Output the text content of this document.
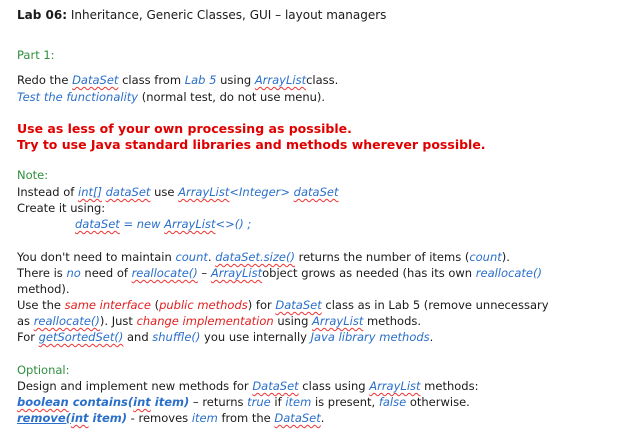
Lab 06: Inheritance, Generic Classes, GUI – layout managers
Part 1:
Redo the DataSet class from Lab 5 using ArrayListclass.
Test the functionality (normal test, do not use menu).
Use as less of your own processing as possible.
Try to use Java standard libraries and methods wherever possible.
Note:
Instead of int[] dataSet use ArrayList<Integer> dataSet
Create it using:
dataSet = new ArrayList<>() ;
You don't need to maintain count. dataSet.size() returns the number of items (count).
There is no need of reallocate() – ArrayListobject grows as needed (has its own reallocate()
method).
Use the same interface (public methods) for DataSet class as in Lab 5 (remove unnecessary
as reallocate()). Just change implementation using ArrayList methods.
For getSortedSet() and shuffle() you use internally Java library methods.
Optional:
Design and implement new methods for DataSet class using ArrayList methods:
boolean contains(int item) – returns true if item is present, false otherwise.
remove(int item) - removes item from the DataSet.
